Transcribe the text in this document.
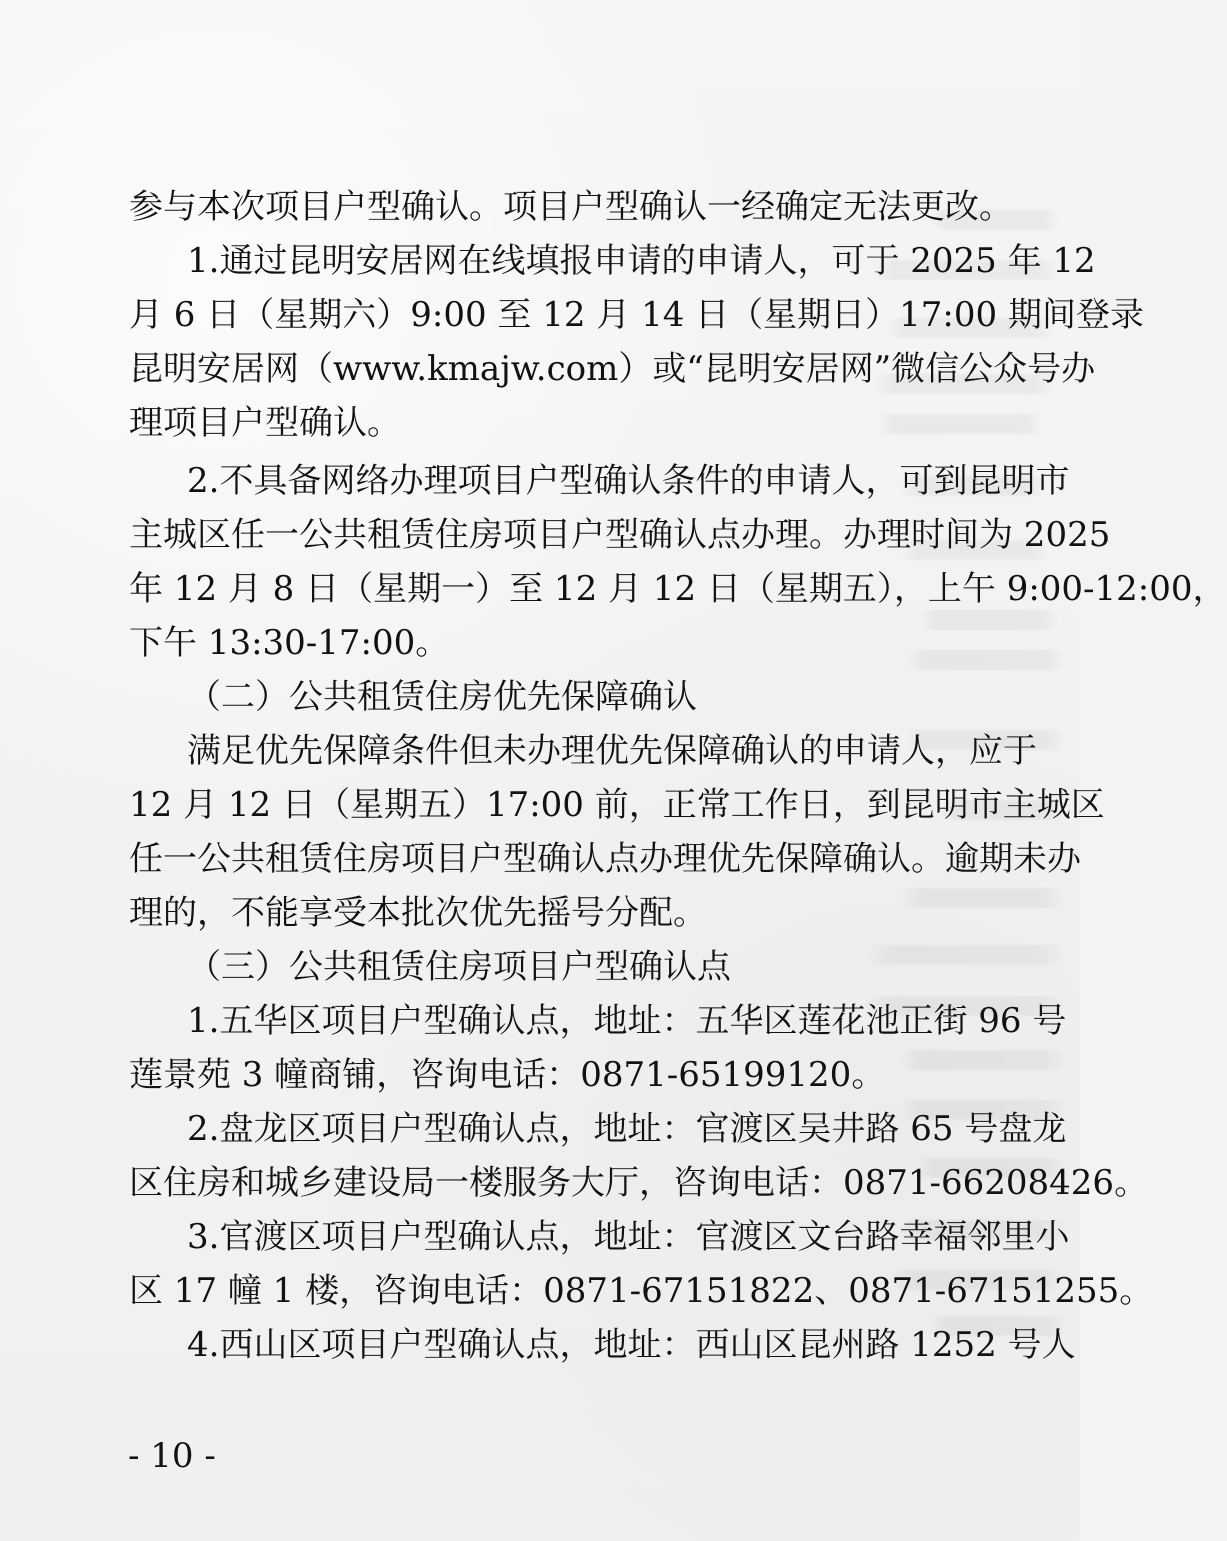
参与本次项目户型确认。项目户型确认一经确定无法更改。

1.通过昆明安居网在线填报申请的申请人，可于 2025 年 12

月 6 日（星期六）9:00 至 12 月 14 日（星期日）17:00 期间登录

昆明安居网（www.kmajw.com）或“昆明安居网”微信公众号办

理项目户型确认。

2.不具备网络办理项目户型确认条件的申请人，可到昆明市

主城区任一公共租赁住房项目户型确认点办理。办理时间为 2025

年 12 月 8 日（星期一）至 12 月 12 日（星期五），上午 9:00-12:00，

下午 13:30-17:00。

（二）公共租赁住房优先保障确认

满足优先保障条件但未办理优先保障确认的申请人，应于

12 月 12 日（星期五）17:00 前，正常工作日，到昆明市主城区

任一公共租赁住房项目户型确认点办理优先保障确认。逾期未办

理的，不能享受本批次优先摇号分配。

（三）公共租赁住房项目户型确认点

1.五华区项目户型确认点，地址：五华区莲花池正街 96 号

莲景苑 3 幢商铺，咨询电话：0871-65199120。

2.盘龙区项目户型确认点，地址：官渡区吴井路 65 号盘龙

区住房和城乡建设局一楼服务大厅，咨询电话：0871-66208426。

3.官渡区项目户型确认点，地址：官渡区文台路幸福邻里小

区 17 幢 1 楼，咨询电话：0871-67151822、0871-67151255。

4.西山区项目户型确认点，地址：西山区昆州路 1252 号人

- 10 -
